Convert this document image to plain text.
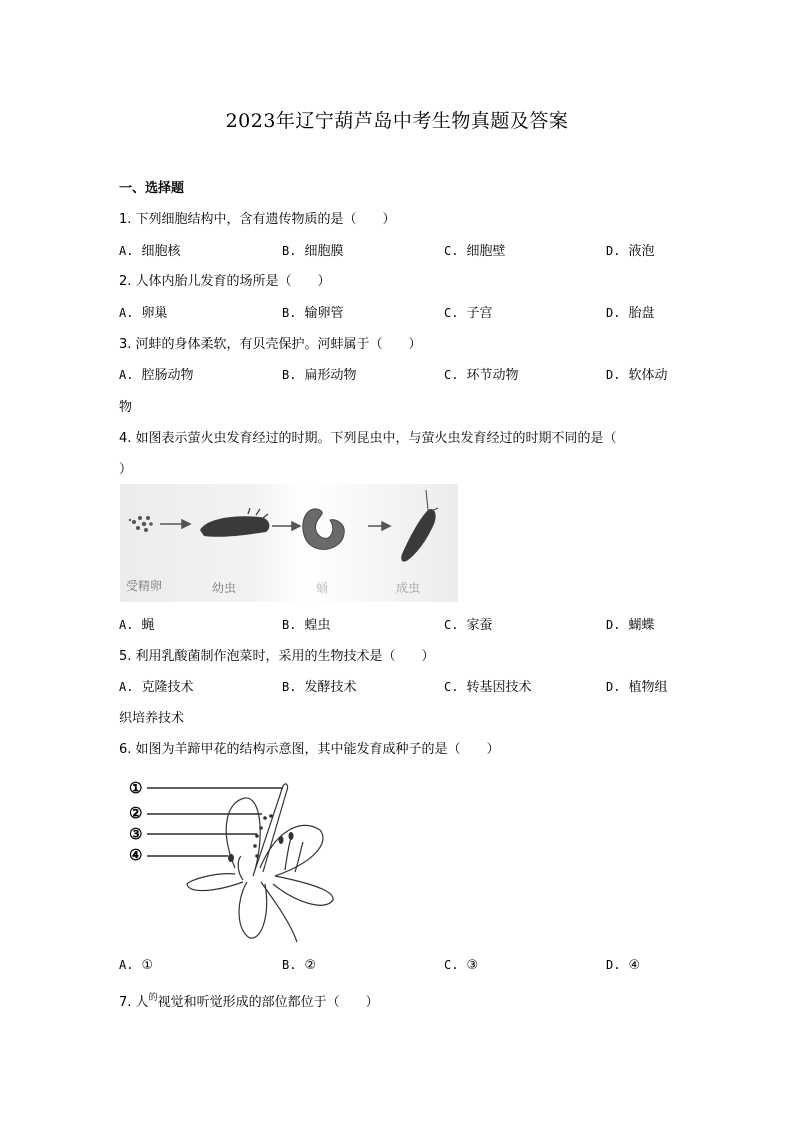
2023年辽宁葫芦岛中考生物真题及答案
一、选择题
1. 下列细胞结构中，含有遗传物质的是（　　）
A. 细胞核	B. 细胞膜	C. 细胞壁	D. 液泡
2. 人体内胎儿发育的场所是（　　）
A. 卵巢	B. 输卵管	C. 子宫	D. 胎盘
3. 河蚌的身体柔软，有贝壳保护。河蚌属于（　　）
A. 腔肠动物	B. 扁形动物	C. 环节动物	D. 软体动
物
4. 如图表示萤火虫发育经过的时期。下列昆虫中，与萤火虫发育经过的时期不同的是（
）
受精卵	幼虫	蛹	成虫
A. 蝇	B. 蝗虫	C. 家蚕	D. 蝴蝶
5. 利用乳酸菌制作泡菜时，采用的生物技术是（　　）
A. 克隆技术	B. 发酵技术	C. 转基因技术	D. 植物组
织培养技术
6. 如图为羊蹄甲花的结构示意图，其中能发育成种子的是（　　）
①
②
③
④
A. ①	B. ②	C. ③	D. ④
7. 人$^的$视觉和听觉形成的部位都位于（　　）
